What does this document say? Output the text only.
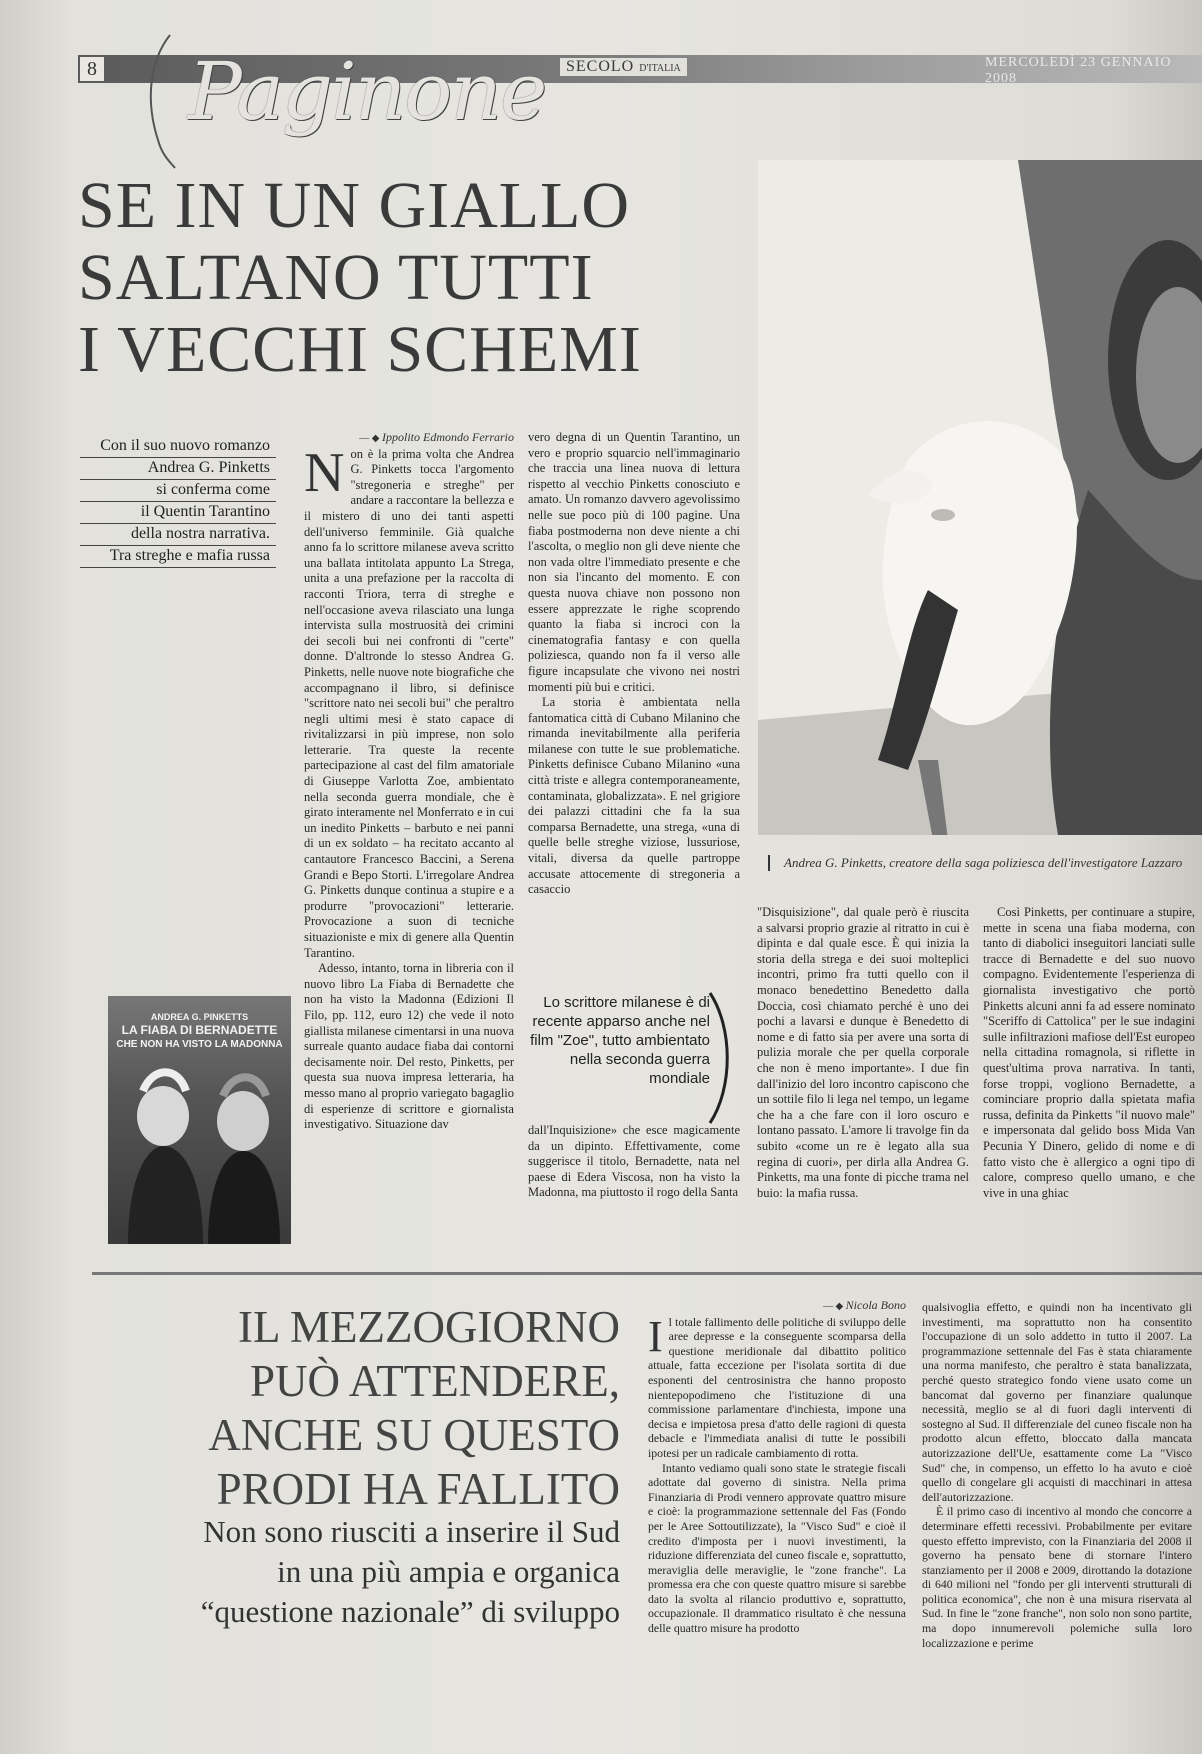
8 Paginone	SECOLO D'ITALIA	MERCOLEDÌ 23 GENNAIO 2008
SE IN UN GIALLO
SALTANO TUTTI
I VECCHI SCHEMI
Andrea G. Pinketts, creatore della saga poliziesca dell'investigatore Lazzaro
Con il suo nuovo romanzo
Andrea G. Pinketts
si conferma come
il Quentin Tarantino
della nostra narrativa.
Tra streghe e mafia russa
— ◆ Ippolito Edmondo Ferrario
N on è la prima volta che Andrea G. Pinketts tocca l'argomento "stregoneria e streghe" per andare a raccontare la bellezza e il mistero di uno dei tanti aspetti dell'universo femminile. Già qualche anno fa lo scrittore milanese aveva scritto una ballata intitolata appunto La Strega, unita a una prefazione per la raccolta di racconti Triora, terra di streghe e nell'occasione aveva rilasciato una lunga intervista sulla mostruosità dei crimini dei secoli bui nei confronti di "certe" donne. D'altronde lo stesso Andrea G. Pinketts, nelle nuove note biografiche che accompagnano il libro, si definisce "scrittore nato nei secoli bui" che peraltro negli ultimi mesi è stato capace di rivitalizzarsi in più imprese, non solo letterarie. Tra queste la recente partecipazione al cast del film amatoriale di Giuseppe Varlotta Zoe, ambientato nella seconda guerra mondiale, che è girato interamente nel Monferrato e in cui un inedito Pinketts – barbuto e nei panni di un ex soldato – ha recitato accanto al cantautore Francesco Baccini, a Serena Grandi e Bepo Storti. L'irregolare Andrea G. Pinketts dunque continua a stupire e a produrre "provocazioni" letterarie. Provocazione a suon di tecniche situazioniste e mix di genere alla Quentin Tarantino.

Adesso, intanto, torna in libreria con il nuovo libro La Fiaba di Bernadette che non ha visto la Madonna (Edizioni Il Filo, pp. 112, euro 12) che vede il noto giallista milanese cimentarsi in una nuova surreale quanto audace fiaba dai contorni decisamente noir. Del resto, Pinketts, per questa sua nuova impresa letteraria, ha messo mano al proprio variegato bagaglio di esperienze di scrittore e giornalista investigativo. Situazione dav

vero degna di un Quentin Tarantino, un vero e proprio squarcio nell'immaginario che traccia una linea nuova di lettura rispetto al vecchio Pinketts conosciuto e amato. Un romanzo davvero agevolissimo nelle sue poco più di 100 pagine. Una fiaba postmoderna non deve niente a chi l'ascolta, o meglio non gli deve niente che non vada oltre l'immediato presente e che non sia l'incanto del momento. E con questa nuova chiave non possono non essere apprezzate le righe scoprendo quanto la fiaba si incroci con la cinematografia fantasy e con quella poliziesca, quando non fa il verso alle figure incapsulate che vivono nei nostri momenti più bui e critici.

La storia è ambientata nella fantomatica città di Cubano Milanino che rimanda inevitabilmente alla periferia milanese con tutte le sue problematiche. Pinketts definisce Cubano Milanino «una città triste e allegra contemporaneamente, contaminata, globalizzata». E nel grigiore dei palazzi cittadini che fa la sua comparsa Bernadette, una strega, «una di quelle belle streghe viziose, lussuriose, vitali, diversa da quelle partroppe accusate attocemente di stregoneria a casaccio

dall'Inquisizione» che esce magicamente da un dipinto. Effettivamente, come suggerisce il titolo, Bernadette, nata nel paese di Edera Viscosa, non ha visto la Madonna, ma piuttosto il rogo della Santa

"Disquisizione", dal quale però è riuscita a salvarsi proprio grazie al ritratto in cui è dipinta e dal quale esce. È qui inizia la storia della strega e dei suoi molteplici incontri, primo fra tutti quello con il monaco benedettino Benedetto dalla Doccia, così chiamato perché è uno dei pochi a lavarsi e dunque è Benedetto di nome e di fatto sia per avere una sorta di pulizia morale che per quella corporale che non è meno importante». I due fin dall'inizio del loro incontro capiscono che un sottile filo li lega nel tempo, un legame che ha a che fare con il loro oscuro e lontano passato. L'amore li travolge fin da subito «come un re è legato alla sua regina di cuori», per dirla alla Andrea G. Pinketts, ma una fonte di picche trama nel buio: la mafia russa.

Così Pinketts, per continuare a stupire, mette in scena una fiaba moderna, con tanto di diabolici inseguitori lanciati sulle tracce di Bernadette e del suo nuovo compagno. Evidentemente l'esperienza di giornalista investigativo che portò Pinketts alcuni anni fa ad essere nominato "Sceriffo di Cattolica" per le sue indagini sulle infiltrazioni mafiose dell'Est europeo nella cittadina romagnola, si riflette in quest'ultima prova narrativa. In tanti, forse troppi, vogliono Bernadette, a cominciare proprio dalla spietata mafia russa, definita da Pinketts "il nuovo male" e impersonata dal gelido boss Mida Van Pecunia Y Dinero, gelido di nome e di fatto visto che è allergico a ogni tipo di calore, compreso quello umano, e che vive in una ghiac

ANDREA G. PINKETTS
LA FIABA DI BERNADETTE
CHE NON HA VISTO LA MADONNA
Lo scrittore milanese è di recente apparso anche nel film "Zoe", tutto ambientato nella seconda guerra mondiale
IL MEZZOGIORNO
PUÒ ATTENDERE,
ANCHE SU QUESTO
PRODI HA FALLITO
Non sono riusciti a inserire il Sud
in una più ampia e organica
“questione nazionale” di sviluppo
— ◆ Nicola Bono
I l totale fallimento delle politiche di sviluppo delle aree depresse e la conseguente scomparsa della questione meridionale dal dibattito politico attuale, fatta eccezione per l'isolata sortita di due esponenti del centrosinistra che hanno proposto nientepopodimeno che l'istituzione di una commissione parlamentare d'inchiesta, impone una decisa e impietosa presa d'atto delle ragioni di questa debacle e l'immediata analisi di tutte le possibili ipotesi per un radicale cambiamento di rotta.

Intanto vediamo quali sono state le strategie fiscali adottate dal governo di sinistra. Nella prima Finanziaria di Prodi vennero approvate quattro misure e cioè: la programmazione settennale del Fas (Fondo per le Aree Sottoutilizzate), la "Visco Sud" e cioè il credito d'imposta per i nuovi investimenti, la riduzione differenziata del cuneo fiscale e, soprattutto, meraviglia delle meraviglie, le "zone franche". La promessa era che con queste quattro misure si sarebbe dato la svolta al rilancio produttivo e, soprattutto, occupazionale. Il drammatico risultato è che nessuna delle quattro misure ha prodotto

qualsivoglia effetto, e quindi non ha incentivato gli investimenti, ma soprattutto non ha consentito l'occupazione di un solo addetto in tutto il 2007. La programmazione settennale del Fas è stata chiaramente una norma manifesto, che peraltro è stata banalizzata, perché questo strategico fondo viene usato come un bancomat dal governo per finanziare qualunque necessità, meglio se al di fuori dagli interventi di sostegno al Sud. Il differenziale del cuneo fiscale non ha prodotto alcun effetto, bloccato dalla mancata autorizzazione dell'Ue, esattamente come La "Visco Sud" che, in compenso, un effetto lo ha avuto e cioè quello di congelare gli acquisti di macchinari in attesa dell'autorizzazione.

È il primo caso di incentivo al mondo che concorre a determinare effetti recessivi. Probabilmente per evitare questo effetto imprevisto, con la Finanziaria del 2008 il governo ha pensato bene di stornare l'intero stanziamento per il 2008 e 2009, dirottando la dotazione di 640 milioni nel "fondo per gli interventi strutturali di politica economica", che non è una misura riservata al Sud. In fine le "zone franche", non solo non sono partite, ma dopo innumerevoli polemiche sulla loro localizzazione e perime
